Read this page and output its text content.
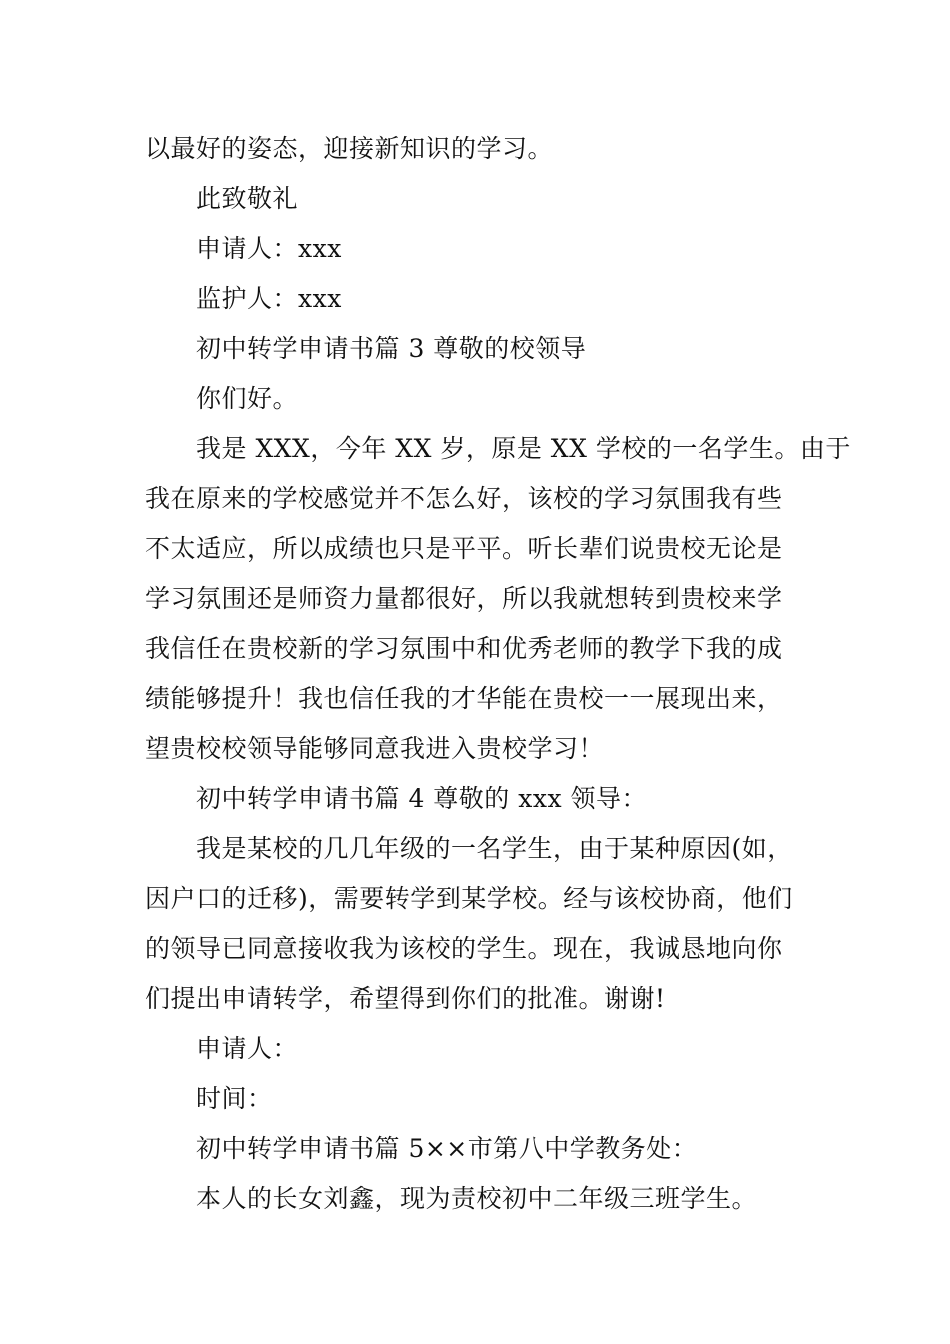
以最好的姿态，迎接新知识的学习。
此致敬礼
申请人：xxx
监护人：xxx
初中转学申请书篇 3 尊敬的校领导
你们好。
我是 XXX，今年 XX 岁，原是 XX 学校的一名学生。由于
我在原来的学校感觉并不怎么好，该校的学习氛围我有些
不太适应，所以成绩也只是平平。听长辈们说贵校无论是
学习氛围还是师资力量都很好，所以我就想转到贵校来学
我信任在贵校新的学习氛围中和优秀老师的教学下我的成
绩能够提升！我也信任我的才华能在贵校一一展现出来，
望贵校校领导能够同意我进入贵校学习！
初中转学申请书篇 4 尊敬的 xxx 领导：
我是某校的几几年级的一名学生，由于某种原因(如，
因户口的迁移)，需要转学到某学校。经与该校协商，他们
的领导已同意接收我为该校的学生。现在，我诚恳地向你
们提出申请转学，希望得到你们的批准。谢谢!
申请人：
时间：
初中转学申请书篇 5××市第八中学教务处：
本人的长女刘鑫，现为责校初中二年级三班学生。
